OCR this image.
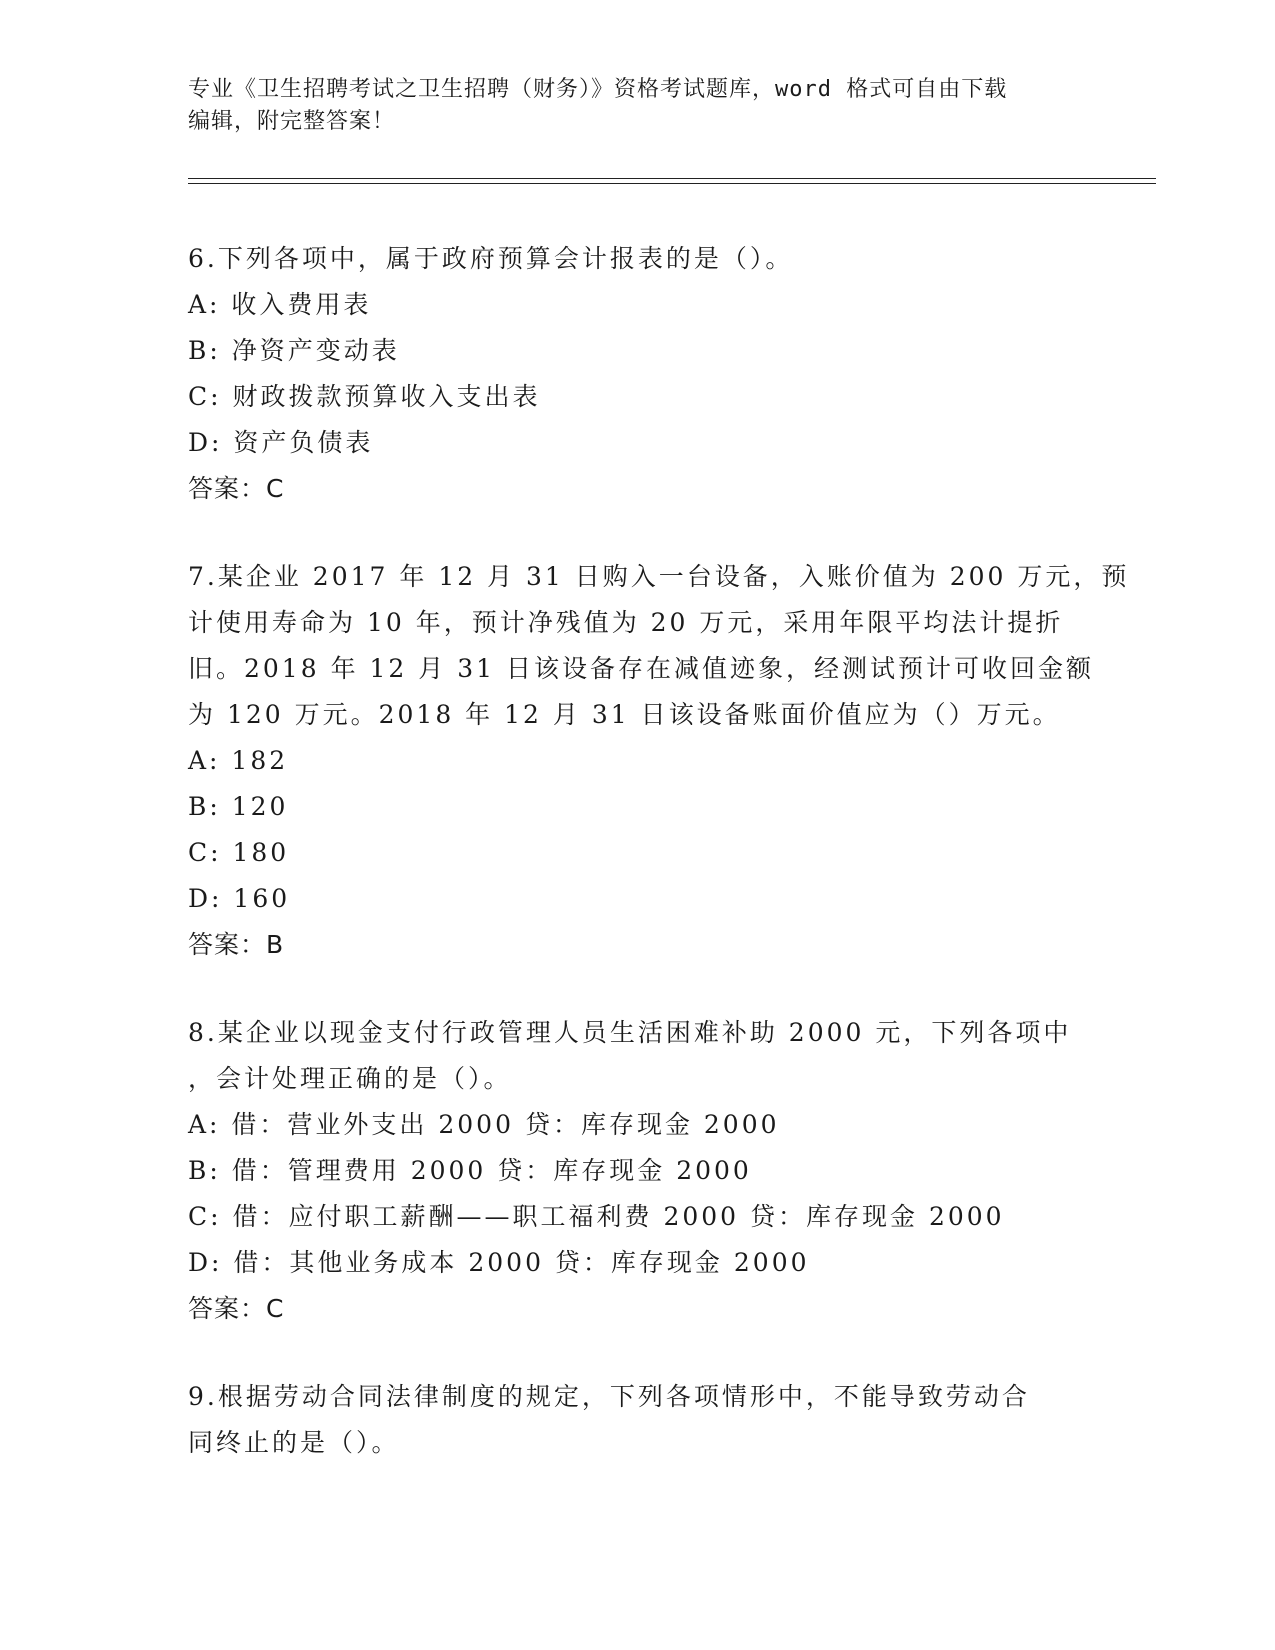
专业《卫生招聘考试之卫生招聘（财务）》资格考试题库，word 格式可自由下载
编辑，附完整答案！
6.下列各项中，属于政府预算会计报表的是（）。
A: 收入费用表
B: 净资产变动表
C: 财政拨款预算收入支出表
D: 资产负债表
答案：C
7.某企业 2017 年 12 月 31 日购入一台设备，入账价值为 200 万元，预
计使用寿命为 10 年，预计净残值为 20 万元，采用年限平均法计提折
旧。2018 年 12 月 31 日该设备存在减值迹象，经测试预计可收回金额
为 120 万元。2018 年 12 月 31 日该设备账面价值应为（）万元。
A: 182
B: 120
C: 180
D: 160
答案：B
8.某企业以现金支付行政管理人员生活困难补助 2000 元，下列各项中
，会计处理正确的是（）。
A: 借：营业外支出 2000 贷：库存现金 2000
B: 借：管理费用 2000 贷：库存现金 2000
C: 借：应付职工薪酬——职工福利费 2000 贷：库存现金 2000
D: 借：其他业务成本 2000 贷：库存现金 2000
答案：C
9.根据劳动合同法律制度的规定，下列各项情形中，不能导致劳动合
同终止的是（）。
